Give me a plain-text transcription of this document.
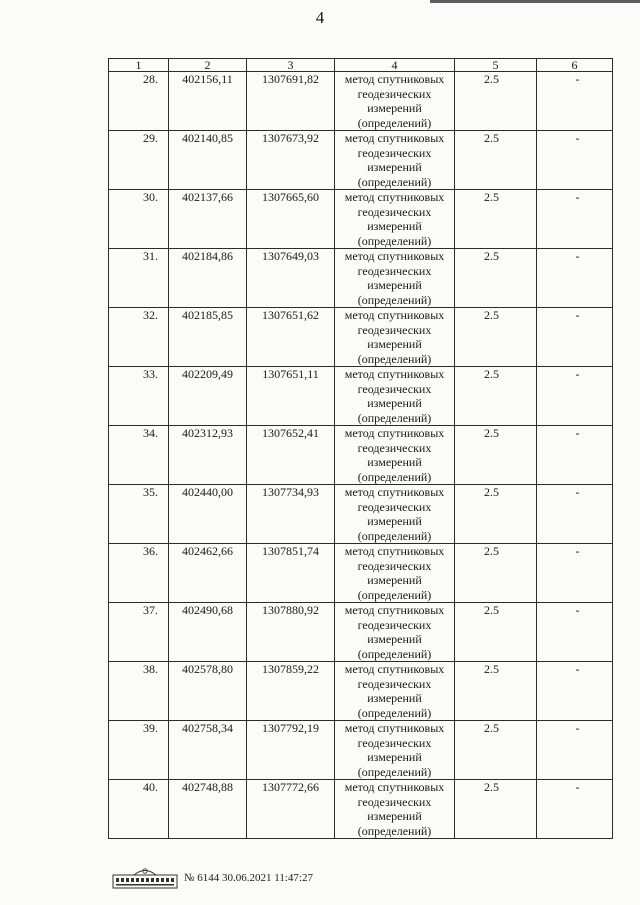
4
1	2	3	4	5	6
28.	402156,11	1307691,82	метод спутниковых геодезических измерений (определений)	2.5	-
29.	402140,85	1307673,92	метод спутниковых геодезических измерений (определений)	2.5	-
30.	402137,66	1307665,60	метод спутниковых геодезических измерений (определений)	2.5	-
31.	402184,86	1307649,03	метод спутниковых геодезических измерений (определений)	2.5	-
32.	402185,85	1307651,62	метод спутниковых геодезических измерений (определений)	2.5	-
33.	402209,49	1307651,11	метод спутниковых геодезических измерений (определений)	2.5	-
34.	402312,93	1307652,41	метод спутниковых геодезических измерений (определений)	2.5	-
35.	402440,00	1307734,93	метод спутниковых геодезических измерений (определений)	2.5	-
36.	402462,66	1307851,74	метод спутниковых геодезических измерений (определений)	2.5	-
37.	402490,68	1307880,92	метод спутниковых геодезических измерений (определений)	2.5	-
38.	402578,80	1307859,22	метод спутниковых геодезических измерений (определений)	2.5	-
39.	402758,34	1307792,19	метод спутниковых геодезических измерений (определений)	2.5	-
40.	402748,88	1307772,66	метод спутниковых геодезических измерений (определений)	2.5	-
№ 6144 30.06.2021 11:47:27
